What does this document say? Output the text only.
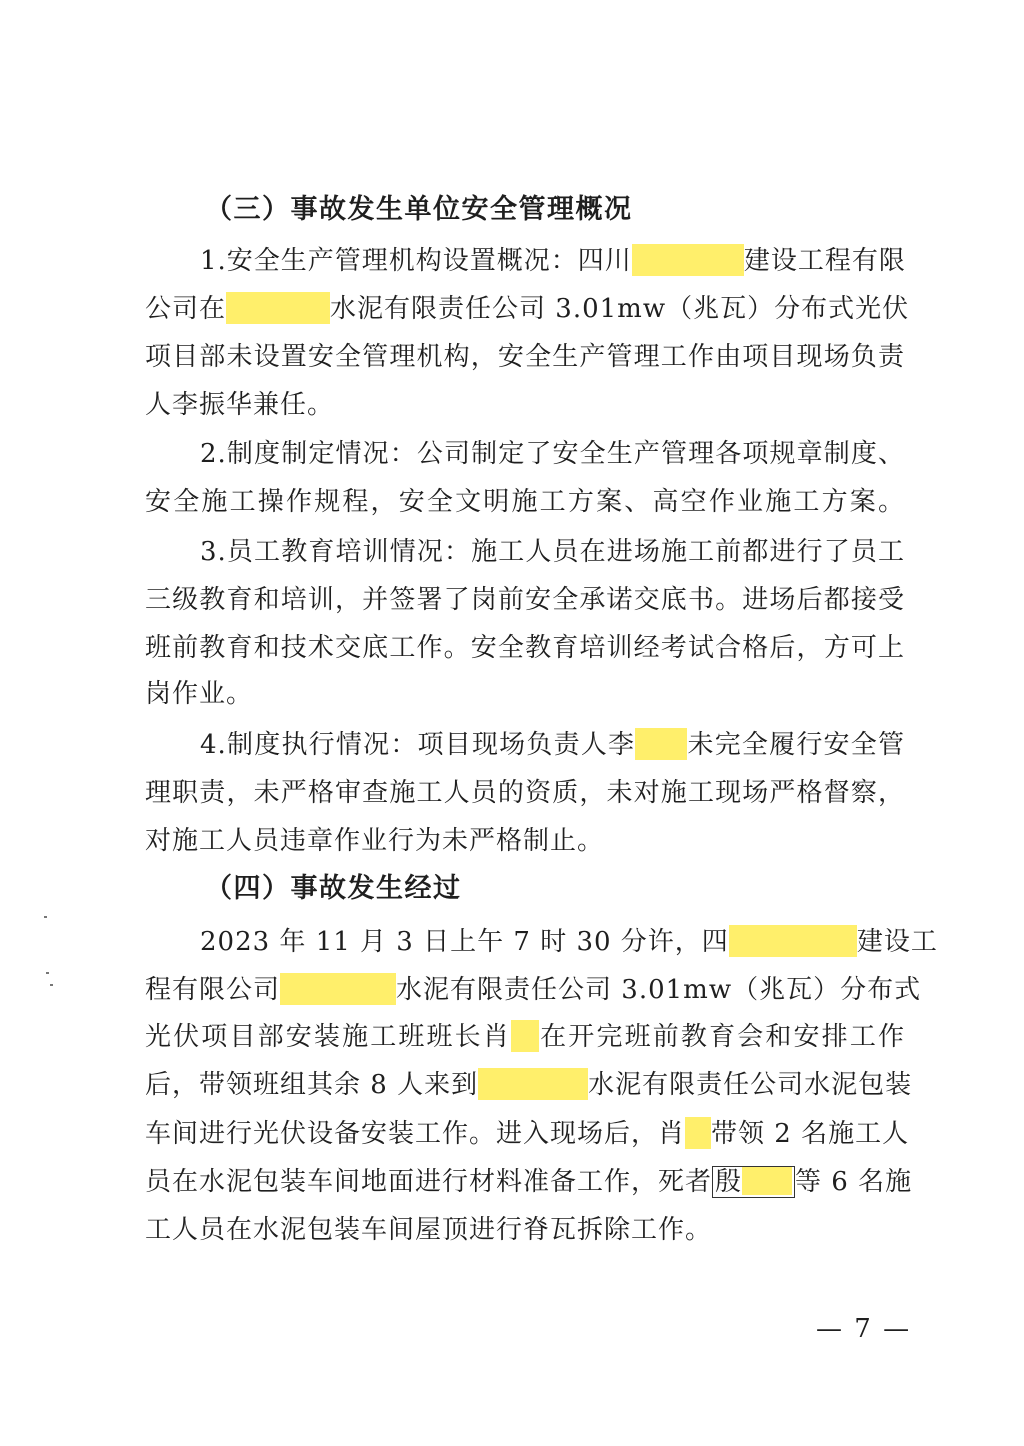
（三）事故发生单位安全管理概况
1.安全生产管理机构设置概况：四川	建设工程有限
公司在	水泥有限责任公司 3.01mw（兆瓦）分布式光伏
项目部未设置安全管理机构，安全生产管理工作由项目现场负责
人李振华兼任。
2.制度制定情况：公司制定了安全生产管理各项规章制度、
安全施工操作规程，安全文明施工方案、高空作业施工方案。
3.员工教育培训情况：施工人员在进场施工前都进行了员工
三级教育和培训，并签署了岗前安全承诺交底书。进场后都接受
班前教育和技术交底工作。安全教育培训经考试合格后，方可上
岗作业。
4.制度执行情况：项目现场负责人李 未完全履行安全管
理职责，未严格审查施工人员的资质，未对施工现场严格督察，
对施工人员违章作业行为未严格制止。
（四）事故发生经过
2023 年 11 月 3 日上午 7 时 30 分许，四	建设工
程有限公司	水泥有限责任公司 3.01mw（兆瓦）分布式
光伏项目部安装施工班班长肖 在开完班前教育会和安排工作
后，带领班组其余 8 人来到	水泥有限责任公司水泥包装
车间进行光伏设备安装工作。进入现场后，肖 带领 2 名施工人
员在水泥包装车间地面进行材料准备工作，死者 殷 等 6 名施
工人员在水泥包装车间屋顶进行脊瓦拆除工作。
— 7 —
